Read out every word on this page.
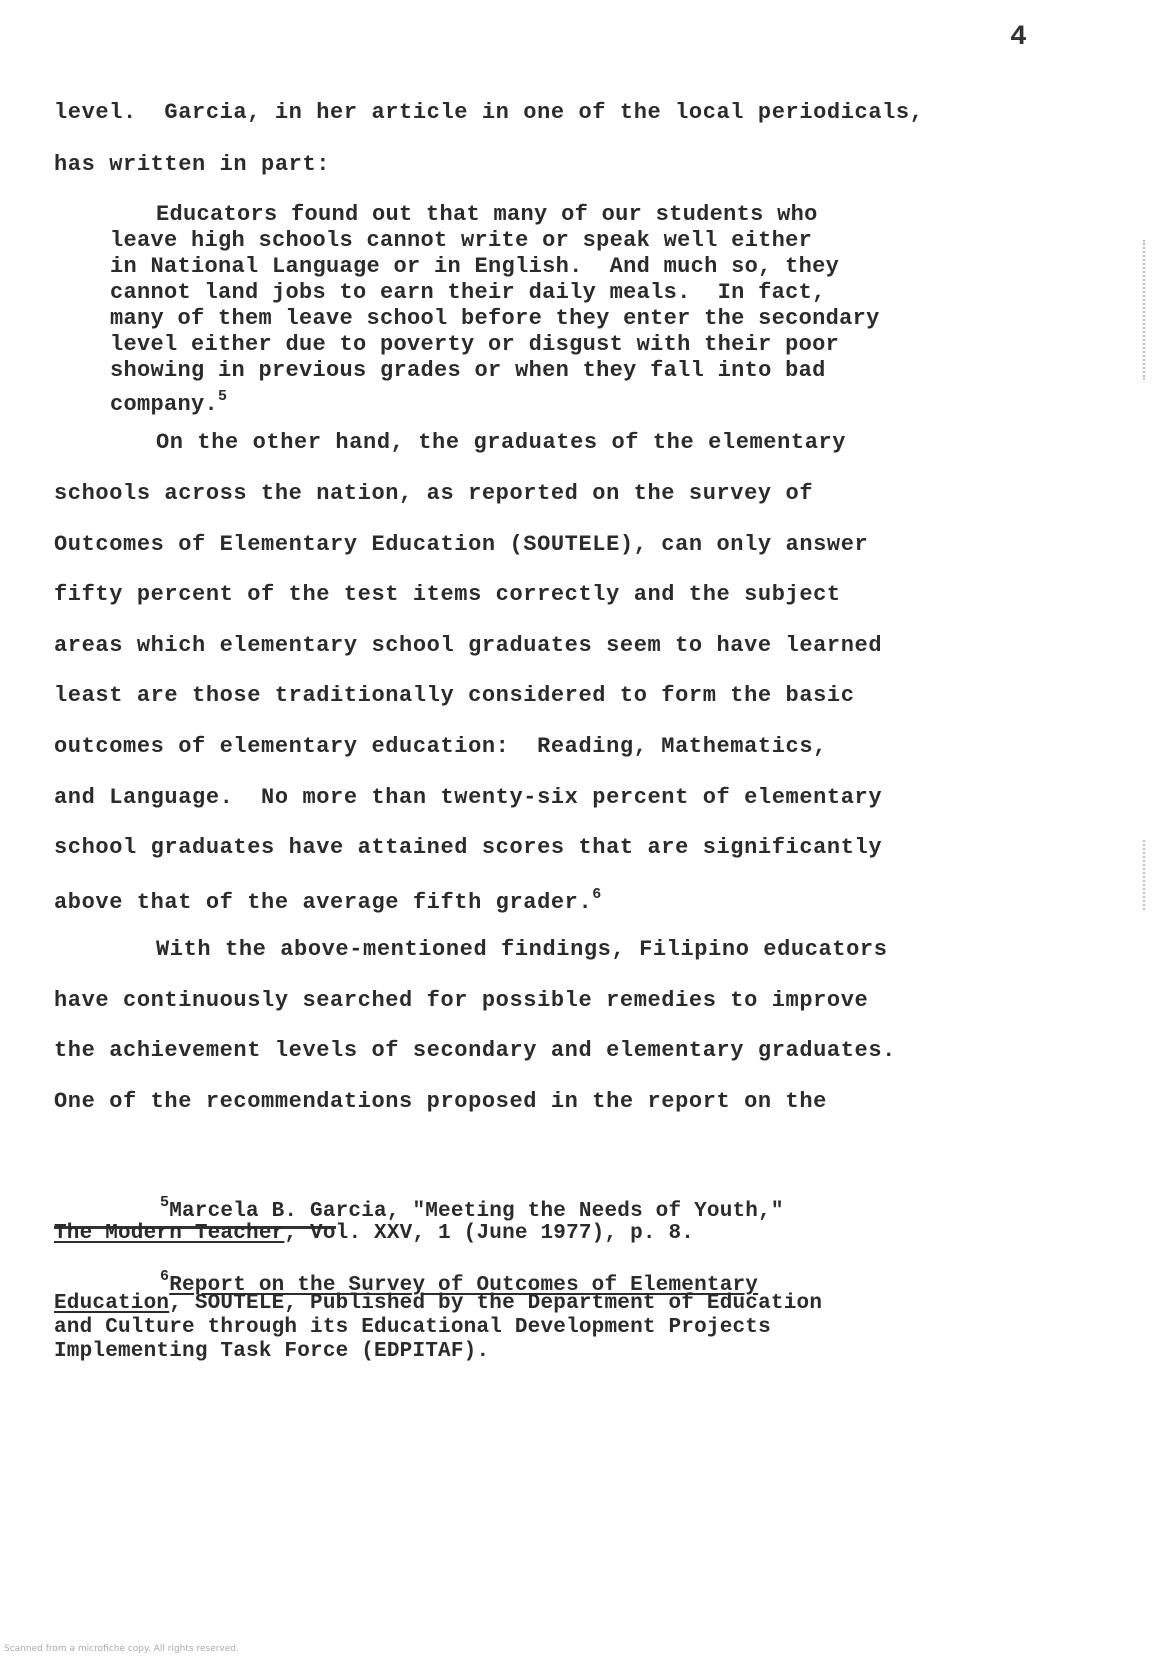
4
level.  Garcia, in her article in one of the local periodicals,
has written in part:
Educators found out that many of our students who
leave high schools cannot write or speak well either
in National Language or in English.  And much so, they
cannot land jobs to earn their daily meals.  In fact,
many of them leave school before they enter the secondary
level either due to poverty or disgust with their poor
showing in previous grades or when they fall into bad
company.$^5$
On the other hand, the graduates of the elementary
schools across the nation, as reported on the survey of
Outcomes of Elementary Education (SOUTELE), can only answer
fifty percent of the test items correctly and the subject
areas which elementary school graduates seem to have learned
least are those traditionally considered to form the basic
outcomes of elementary education:  Reading, Mathematics,
and Language.  No more than twenty-six percent of elementary
school graduates have attained scores that are significantly
above that of the average fifth grader.$^6$
With the above-mentioned findings, Filipino educators
have continuously searched for possible remedies to improve
the achievement levels of secondary and elementary graduates.
One of the recommendations proposed in the report on the
$^5$Marcela B. Garcia, "Meeting the Needs of Youth,"
The Modern Teacher, Vol. XXV, 1 (June 1977), p. 8.
$^6$Report on the Survey of Outcomes of Elementary
Education, SOUTELE, Published by the Department of Education
and Culture through its Educational Development Projects
Implementing Task Force (EDPITAF).
Scanned from a microfiche copy. All rights reserved.
